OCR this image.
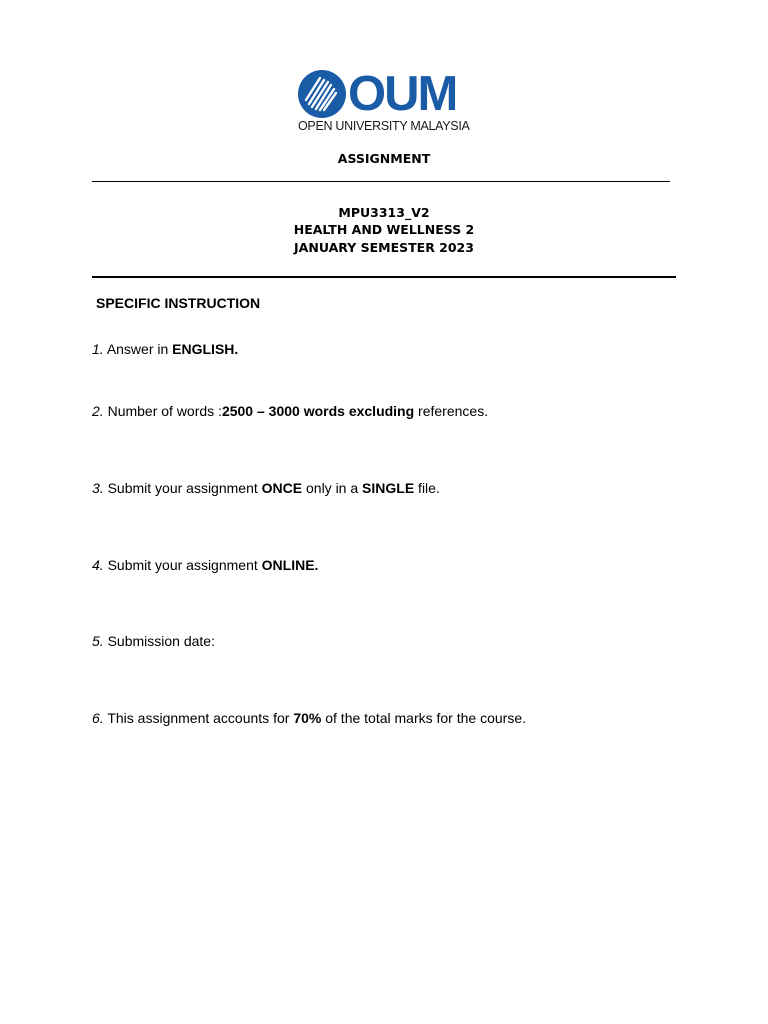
OUM
OPEN UNIVERSITY MALAYSIA
ASSIGNMENT
MPU3313_V2
HEALTH AND WELLNESS 2
JANUARY SEMESTER 2023
SPECIFIC INSTRUCTION
1. Answer in ENGLISH.
2. Number of words :2500 – 3000 words excluding references.
3. Submit your assignment ONCE only in a SINGLE file.
4. Submit your assignment ONLINE.
5. Submission date:
6. This assignment accounts for 70% of the total marks for the course.
